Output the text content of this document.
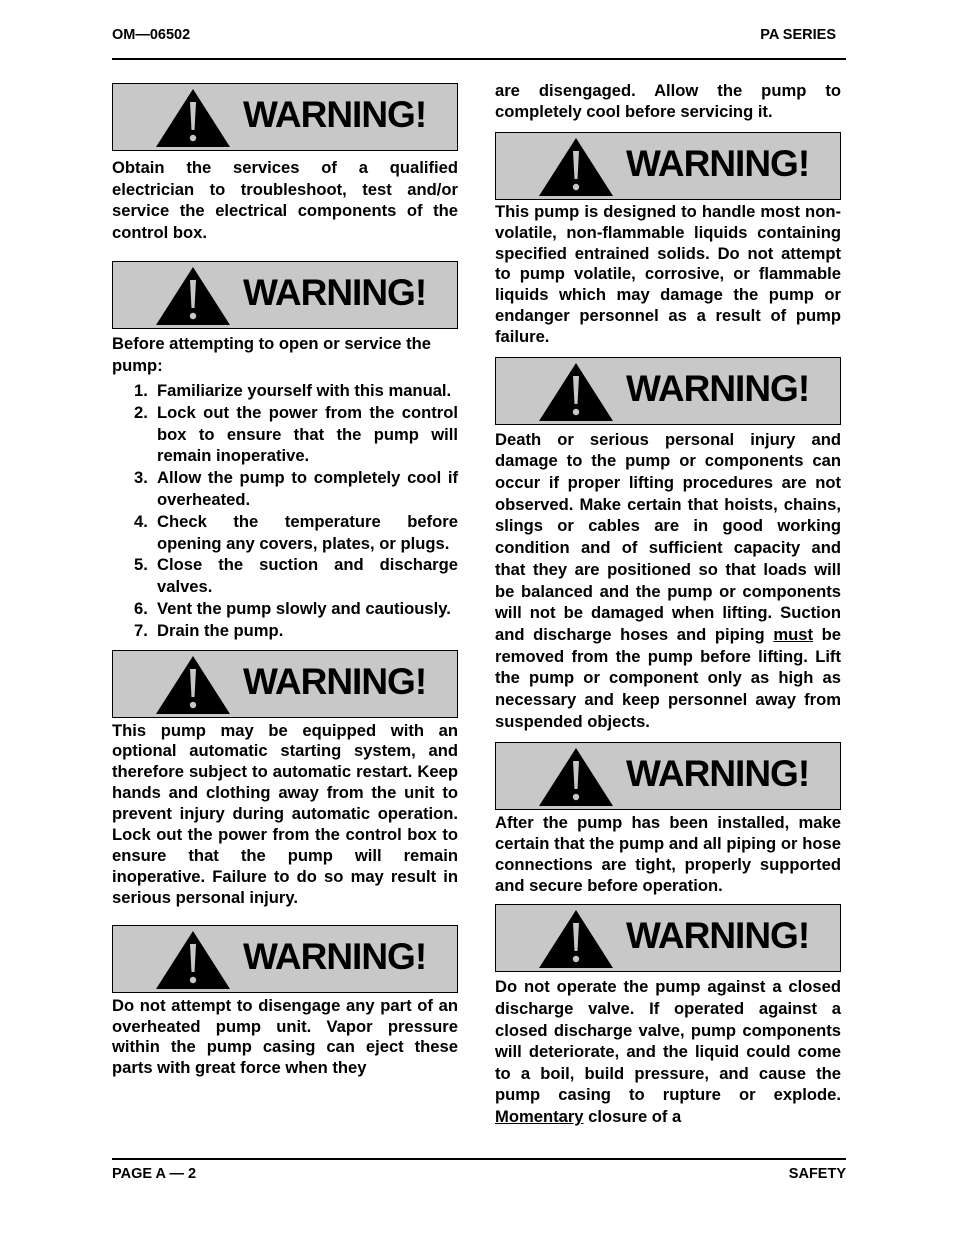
OM—06502	PA SERIES
WARNING!

Obtain the services of a qualified electrician to troubleshoot, test and/or service the electrical components of the control box.

WARNING!

Before attempting to open or service the pump:

1. Familiarize yourself with this manual.
2. Lock out the power from the control box to ensure that the pump will remain inoperative.
3. Allow the pump to completely cool if overheated.
4. Check the temperature before opening any covers, plates, or plugs.
5. Close the suction and discharge valves.
6. Vent the pump slowly and cautiously.
7. Drain the pump.
WARNING!

This pump may be equipped with an optional automatic starting system, and therefore subject to automatic restart. Keep hands and clothing away from the unit to prevent injury during automatic operation. Lock out the power from the control box to ensure that the pump will remain inoperative. Failure to do so may result in serious personal injury.

WARNING!

Do not attempt to disengage any part of an overheated pump unit. Vapor pressure within the pump casing can eject these parts with great force when they

are disengaged. Allow the pump to completely cool before servicing it.

WARNING!

This pump is designed to handle most non-volatile, non-flammable liquids containing specified entrained solids. Do not attempt to pump volatile, corrosive, or flammable liquids which may damage the pump or endanger personnel as a result of pump failure.

WARNING!

Death or serious personal injury and damage to the pump or components can occur if proper lifting procedures are not observed. Make certain that hoists, chains, slings or cables are in good working condition and of sufficient capacity and that they are positioned so that loads will be balanced and the pump or components will not be damaged when lifting. Suction and discharge hoses and piping must be removed from the pump before lifting. Lift the pump or component only as high as necessary and keep personnel away from suspended objects.

WARNING!

After the pump has been installed, make certain that the pump and all piping or hose connections are tight, properly supported and secure before operation.

WARNING!

Do not operate the pump against a closed discharge valve. If operated against a closed discharge valve, pump components will deteriorate, and the liquid could come to a boil, build pressure, and cause the pump casing to rupture or explode. Momentary closure of a

PAGE A — 2	SAFETY
